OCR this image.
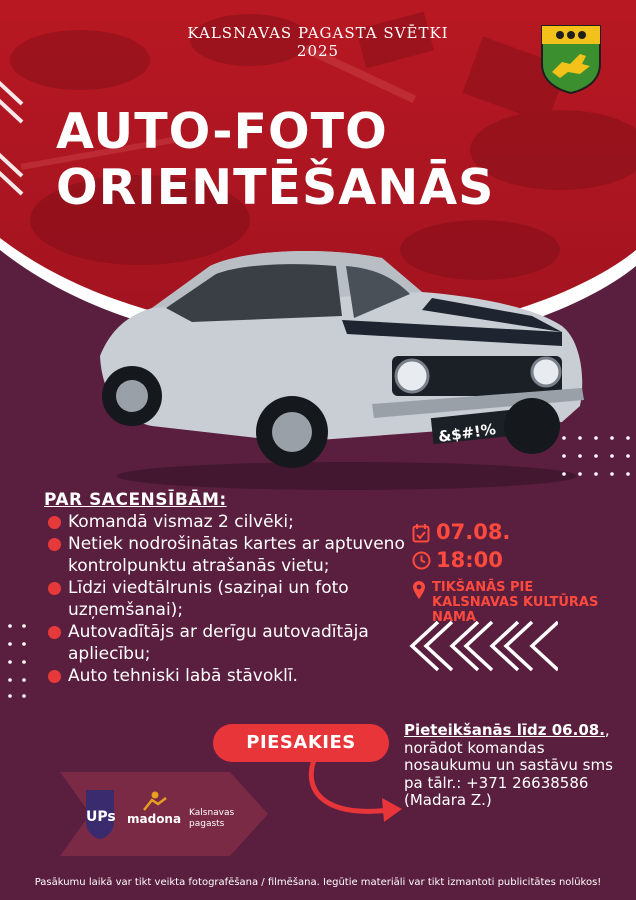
KALSNAVAS PAGASTA SVĒTKI
2025
AUTO-FOTO
ORIENTĒŠANĀS
&$#!%
PAR SACENSĪBĀM:
Komandā vismaz 2 cilvēki;
Netiek nodrošinātas kartes ar aptuveno kontrolpunktu atrašanās vietu;
Līdzi viedtālrunis (saziņai un foto uzņemšanai);
Autovadītājs ar derīgu autovadītāja apliecību;
Auto tehniski labā stāvoklī.
07.08.
18:00
TIKŠANĀS PIE KALSNAVAS KULTŪRAS NAMA
PIESAKIES
Pieteikšanās līdz 06.08., norādot komandas nosaukumu un sastāvu sms pa tālr.: +371 26638586 (Madara Z.)
UPs madona Kalsnavas pagasts
Pasākumu laikā var tikt veikta fotografēšana / filmēšana. Iegūtie materiāli var tikt izmantoti publicitātes nolūkos!
